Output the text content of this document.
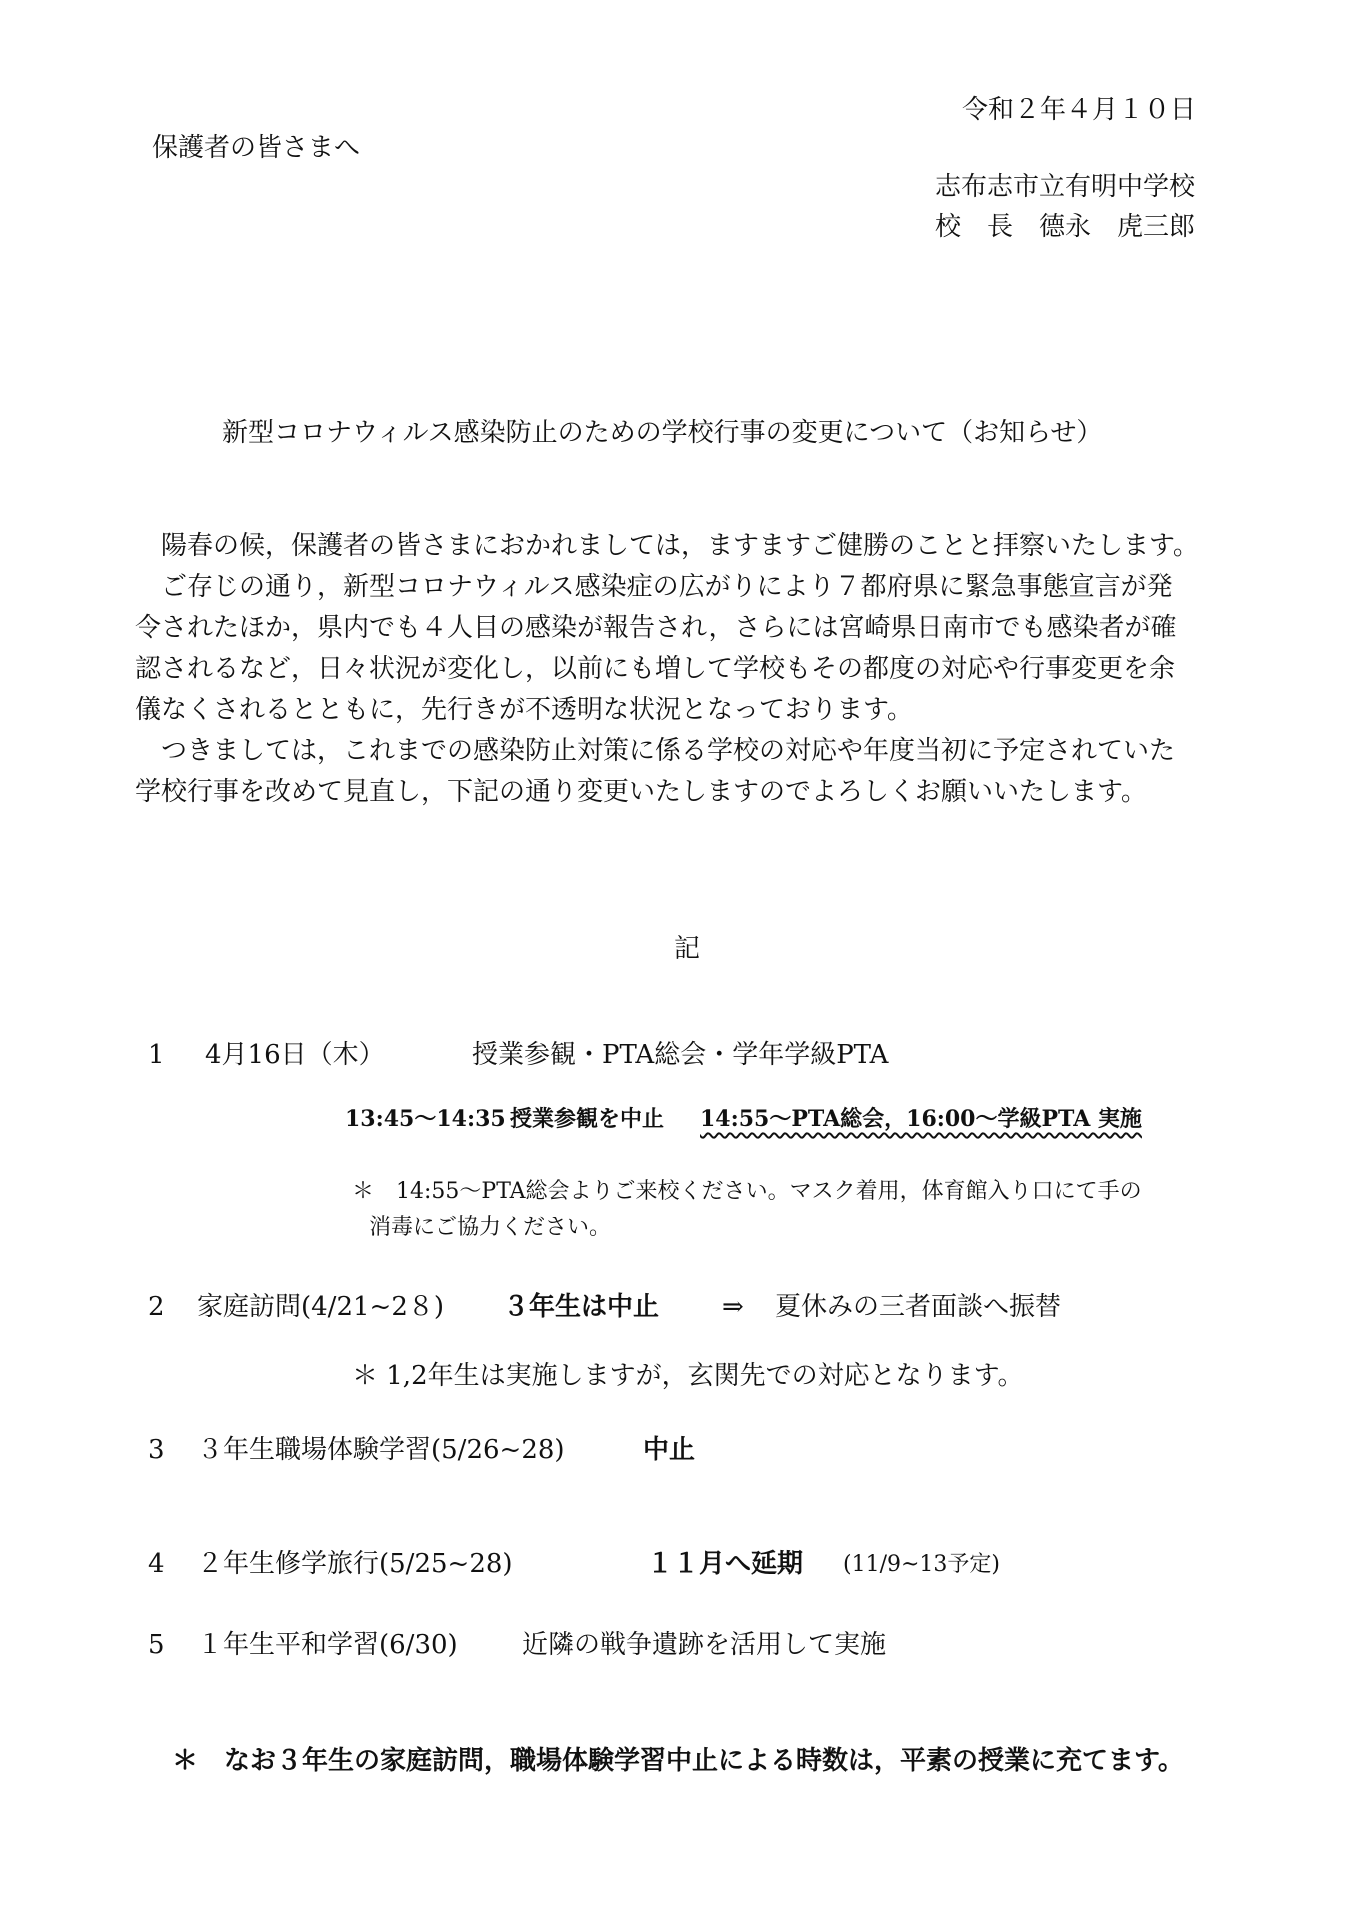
令和２年４月１０日
保護者の皆さまへ
志布志市立有明中学校
校　長　德永　虎三郎
新型コロナウィルス感染防止のための学校行事の変更について（お知らせ）

　陽春の候，保護者の皆さまにおかれましては，ますますご健勝のことと拝察いたします。

　ご存じの通り，新型コロナウィルス感染症の広がりにより７都府県に緊急事態宣言が発

令されたほか，県内でも４人目の感染が報告され，さらには宮崎県日南市でも感染者が確

認されるなど，日々状況が変化し，以前にも増して学校もその都度の対応や行事変更を余

儀なくされるとともに，先行きが不透明な状況となっております。

　つきましては，これまでの感染防止対策に係る学校の対応や年度当初に予定されていた

学校行事を改めて見直し，下記の通り変更いたしますのでよろしくお願いいたします。

記
1 4月16日（木）	授業参観・PTA総会・学年学級PTA
13:45～14:35 授業参観を中止 14:55～PTA総会，16:00～学級PTA 実施
＊　14:55～PTA総会よりご来校ください。マスク着用，体育館入り口にて手の
消毒にご協力ください。
2 家庭訪問(4/21~2８) ３年生は中止 ⇒ 夏休みの三者面談へ振替
＊ 1,2年生は実施しますが，玄関先での対応となります。
3 ３年生職場体験学習(5/26~28)	中止
4 ２年生修学旅行(5/25~28)	１１月へ延期 (11/9~13予定)
5 １年生平和学習(6/30) 近隣の戦争遺跡を活用して実施
＊　なお３年生の家庭訪問，職場体験学習中止による時数は，平素の授業に充てます。
